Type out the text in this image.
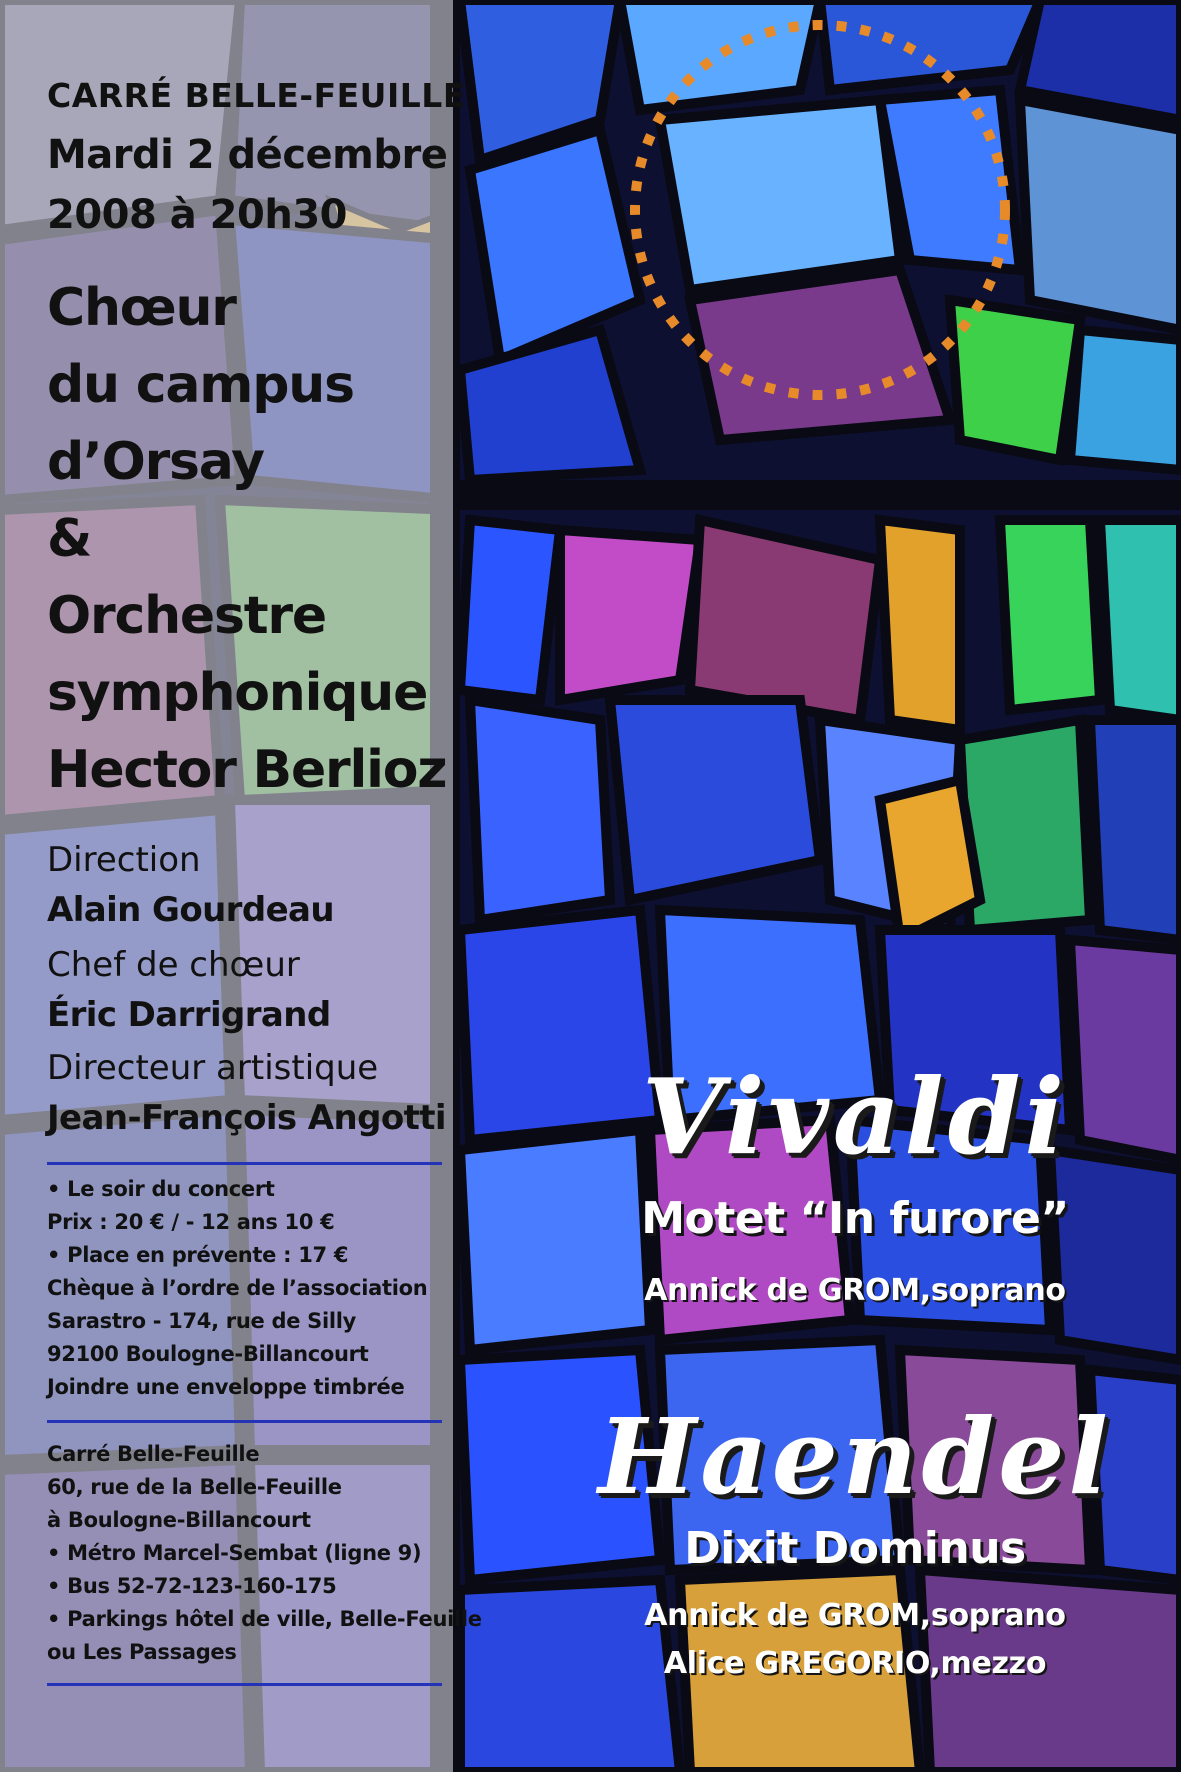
CARRÉ BELLE-FEUILLE
Mardi 2 décembre
2008 à 20h30
Chœur
du campus
d’Orsay
&
Orchestre
symphonique
Hector Berlioz
Direction
Alain Gourdeau
Chef de chœur
Éric Darrigrand
Directeur artistique
Jean-François Angotti
• Le soir du concert
Prix : 20 € / - 12 ans 10 €
• Place en prévente : 17 €
Chèque à l’ordre de l’association
Sarastro - 174, rue de Silly
92100 Boulogne-Billancourt
Joindre une enveloppe timbrée
Carré Belle-Feuille
60, rue de la Belle-Feuille
à Boulogne-Billancourt
• Métro Marcel-Sembat (ligne 9)
• Bus 52-72-123-160-175
• Parkings hôtel de ville, Belle-Feuille
ou Les Passages
Vivaldi
Motet “In furore”
Annick de GROM,soprano
Haendel
Dixit Dominus
Annick de GROM,soprano
Alice GREGORIO,mezzo
